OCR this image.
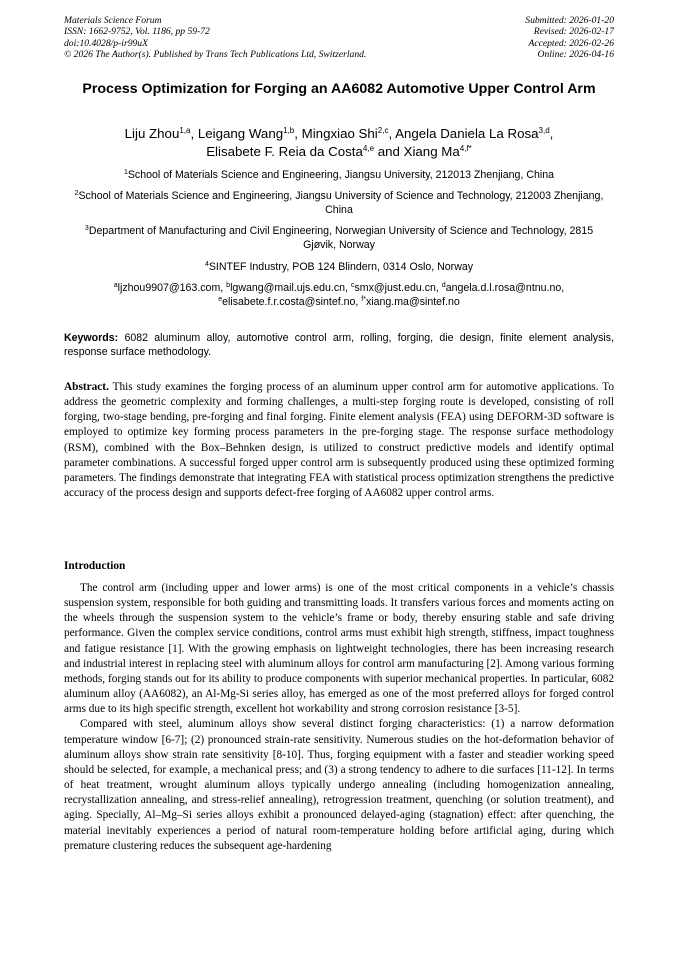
Materials Science Forum
ISSN: 1662-9752, Vol. 1186, pp 59-72
doi:10.4028/p-ir99uX
© 2026 The Author(s). Published by Trans Tech Publications Ltd, Switzerland.
Submitted: 2026-01-20
Revised: 2026-02-17
Accepted: 2026-02-26
Online: 2026-04-16
Process Optimization for Forging an AA6082 Automotive Upper Control Arm
Liju Zhou$^{1,a}$, Leigang Wang$^{1,b}$, Mingxiao Shi$^{2,c}$, Angela Daniela La Rosa$^{3,d}$,
Elisabete F. Reia da Costa$^{4,e}$ and Xiang $Ma^{4,f*}$
$^1$School of Materials Science and Engineering, Jiangsu University, 212013 Zhenjiang, China
$^2$School of Materials Science and Engineering, Jiangsu University of Science and Technology, 212003 Zhenjiang, China
$^3$Department of Manufacturing and Civil Engineering, Norwegian University of Science and Technology, 2815 Gjøvik, Norway
$^4$SINTEF Industry, POB 124 Blindern, 0314 Oslo, Norway
$^a$ljzhou9907@163.com, $^b$lgwang@mail.ujs.edu.cn, $^c$smx@just.edu.cn, $^d$angela.d.l.rosa@ntnu.no,
$^e$elisabete.f.r.costa@sintef.no, $^{f*}$xiang.ma@sintef.no
Keywords: 6082 aluminum alloy, automotive control arm, rolling, forging, die design, finite element analysis, response surface methodology.
Abstract. This study examines the forging process of an aluminum upper control arm for automotive applications. To address the geometric complexity and forming challenges, a multi-step forging route is developed, consisting of roll forging, two-stage bending, pre-forging and final forging. Finite element analysis (FEA) using DEFORM-3D software is employed to optimize key forming process parameters in the pre-forging stage. The response surface methodology (RSM), combined with the Box–Behnken design, is utilized to construct predictive models and identify optimal parameter combinations. A successful forged upper control arm is subsequently produced using these optimized forming parameters. The findings demonstrate that integrating FEA with statistical process optimization strengthens the predictive accuracy of the process design and supports defect-free forging of AA6082 upper control arms.
Introduction

The control arm (including upper and lower arms) is one of the most critical components in a vehicle’s chassis suspension system, responsible for both guiding and transmitting loads. It transfers various forces and moments acting on the wheels through the suspension system to the vehicle’s frame or body, thereby ensuring stable and safe driving performance. Given the complex service conditions, control arms must exhibit high strength, stiffness, impact toughness and fatigue resistance [1]. With the growing emphasis on lightweight technologies, there has been increasing research and industrial interest in replacing steel with aluminum alloys for control arm manufacturing [2]. Among various forming methods, forging stands out for its ability to produce components with superior mechanical properties. In particular, 6082 aluminum alloy (AA6082), an Al-Mg-Si series alloy, has emerged as one of the most preferred alloys for forged control arms due to its high specific strength, excellent hot workability and strong corrosion resistance [3-5].

Compared with steel, aluminum alloys show several distinct forging characteristics: (1) a narrow deformation temperature window [6-7]; (2) pronounced strain-rate sensitivity. Numerous studies on the hot-deformation behavior of aluminum alloys show strain rate sensitivity [8-10]. Thus, forging equipment with a faster and steadier working speed should be selected, for example, a mechanical press; and (3) a strong tendency to adhere to die surfaces [11-12]. In terms of heat treatment, wrought aluminum alloys typically undergo annealing (including homogenization annealing, recrystallization annealing, and stress-relief annealing), retrogression treatment, quenching (or solution treatment), and aging. Specially, Al–Mg–Si series alloys exhibit a pronounced delayed-aging (stagnation) effect: after quenching, the material inevitably experiences a period of natural room-temperature holding before artificial aging, during which premature clustering reduces the subsequent age-hardening
